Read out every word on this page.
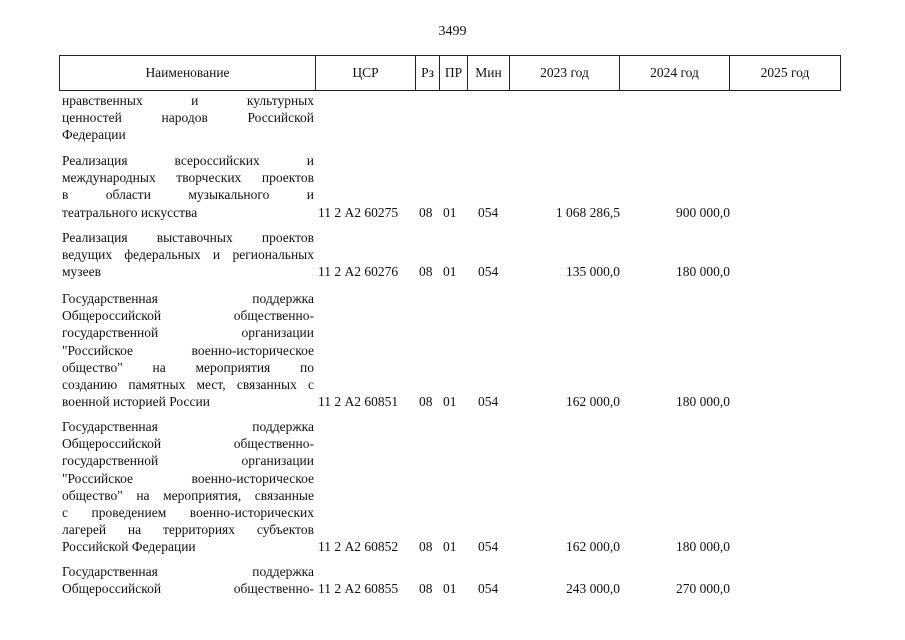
3499
Наименование	ЦСР	Рз ПР Мин	2023 год	2024 год	2025 год
нравственных и культурных
ценностей народов Российской
Федерации
Реализация всероссийских и
международных творческих проектов
в области музыкального и
театрального искусства	11 2 А2 60275 08 01 054	1 068 286,5	900 000,0
Реализация выставочных проектов
ведущих федеральных и региональных
музеев	11 2 А2 60276 08 01 054	135 000,0	180 000,0
Государственная поддержка
Общероссийской общественно-
государственной организации
"Российское военно-историческое
общество" на мероприятия по
созданию памятных мест, связанных с
военной историей России	11 2 А2 60851 08 01 054	162 000,0	180 000,0
Государственная поддержка
Общероссийской общественно-
государственной организации
"Российское военно-историческое
общество" на мероприятия, связанные
с проведением военно-исторических
лагерей на территориях субъектов
Российской Федерации	11 2 А2 60852 08 01 054	162 000,0	180 000,0
Государственная поддержка
Общероссийской общественно- 11 2 А2 60855 08 01 054	243 000,0	270 000,0
